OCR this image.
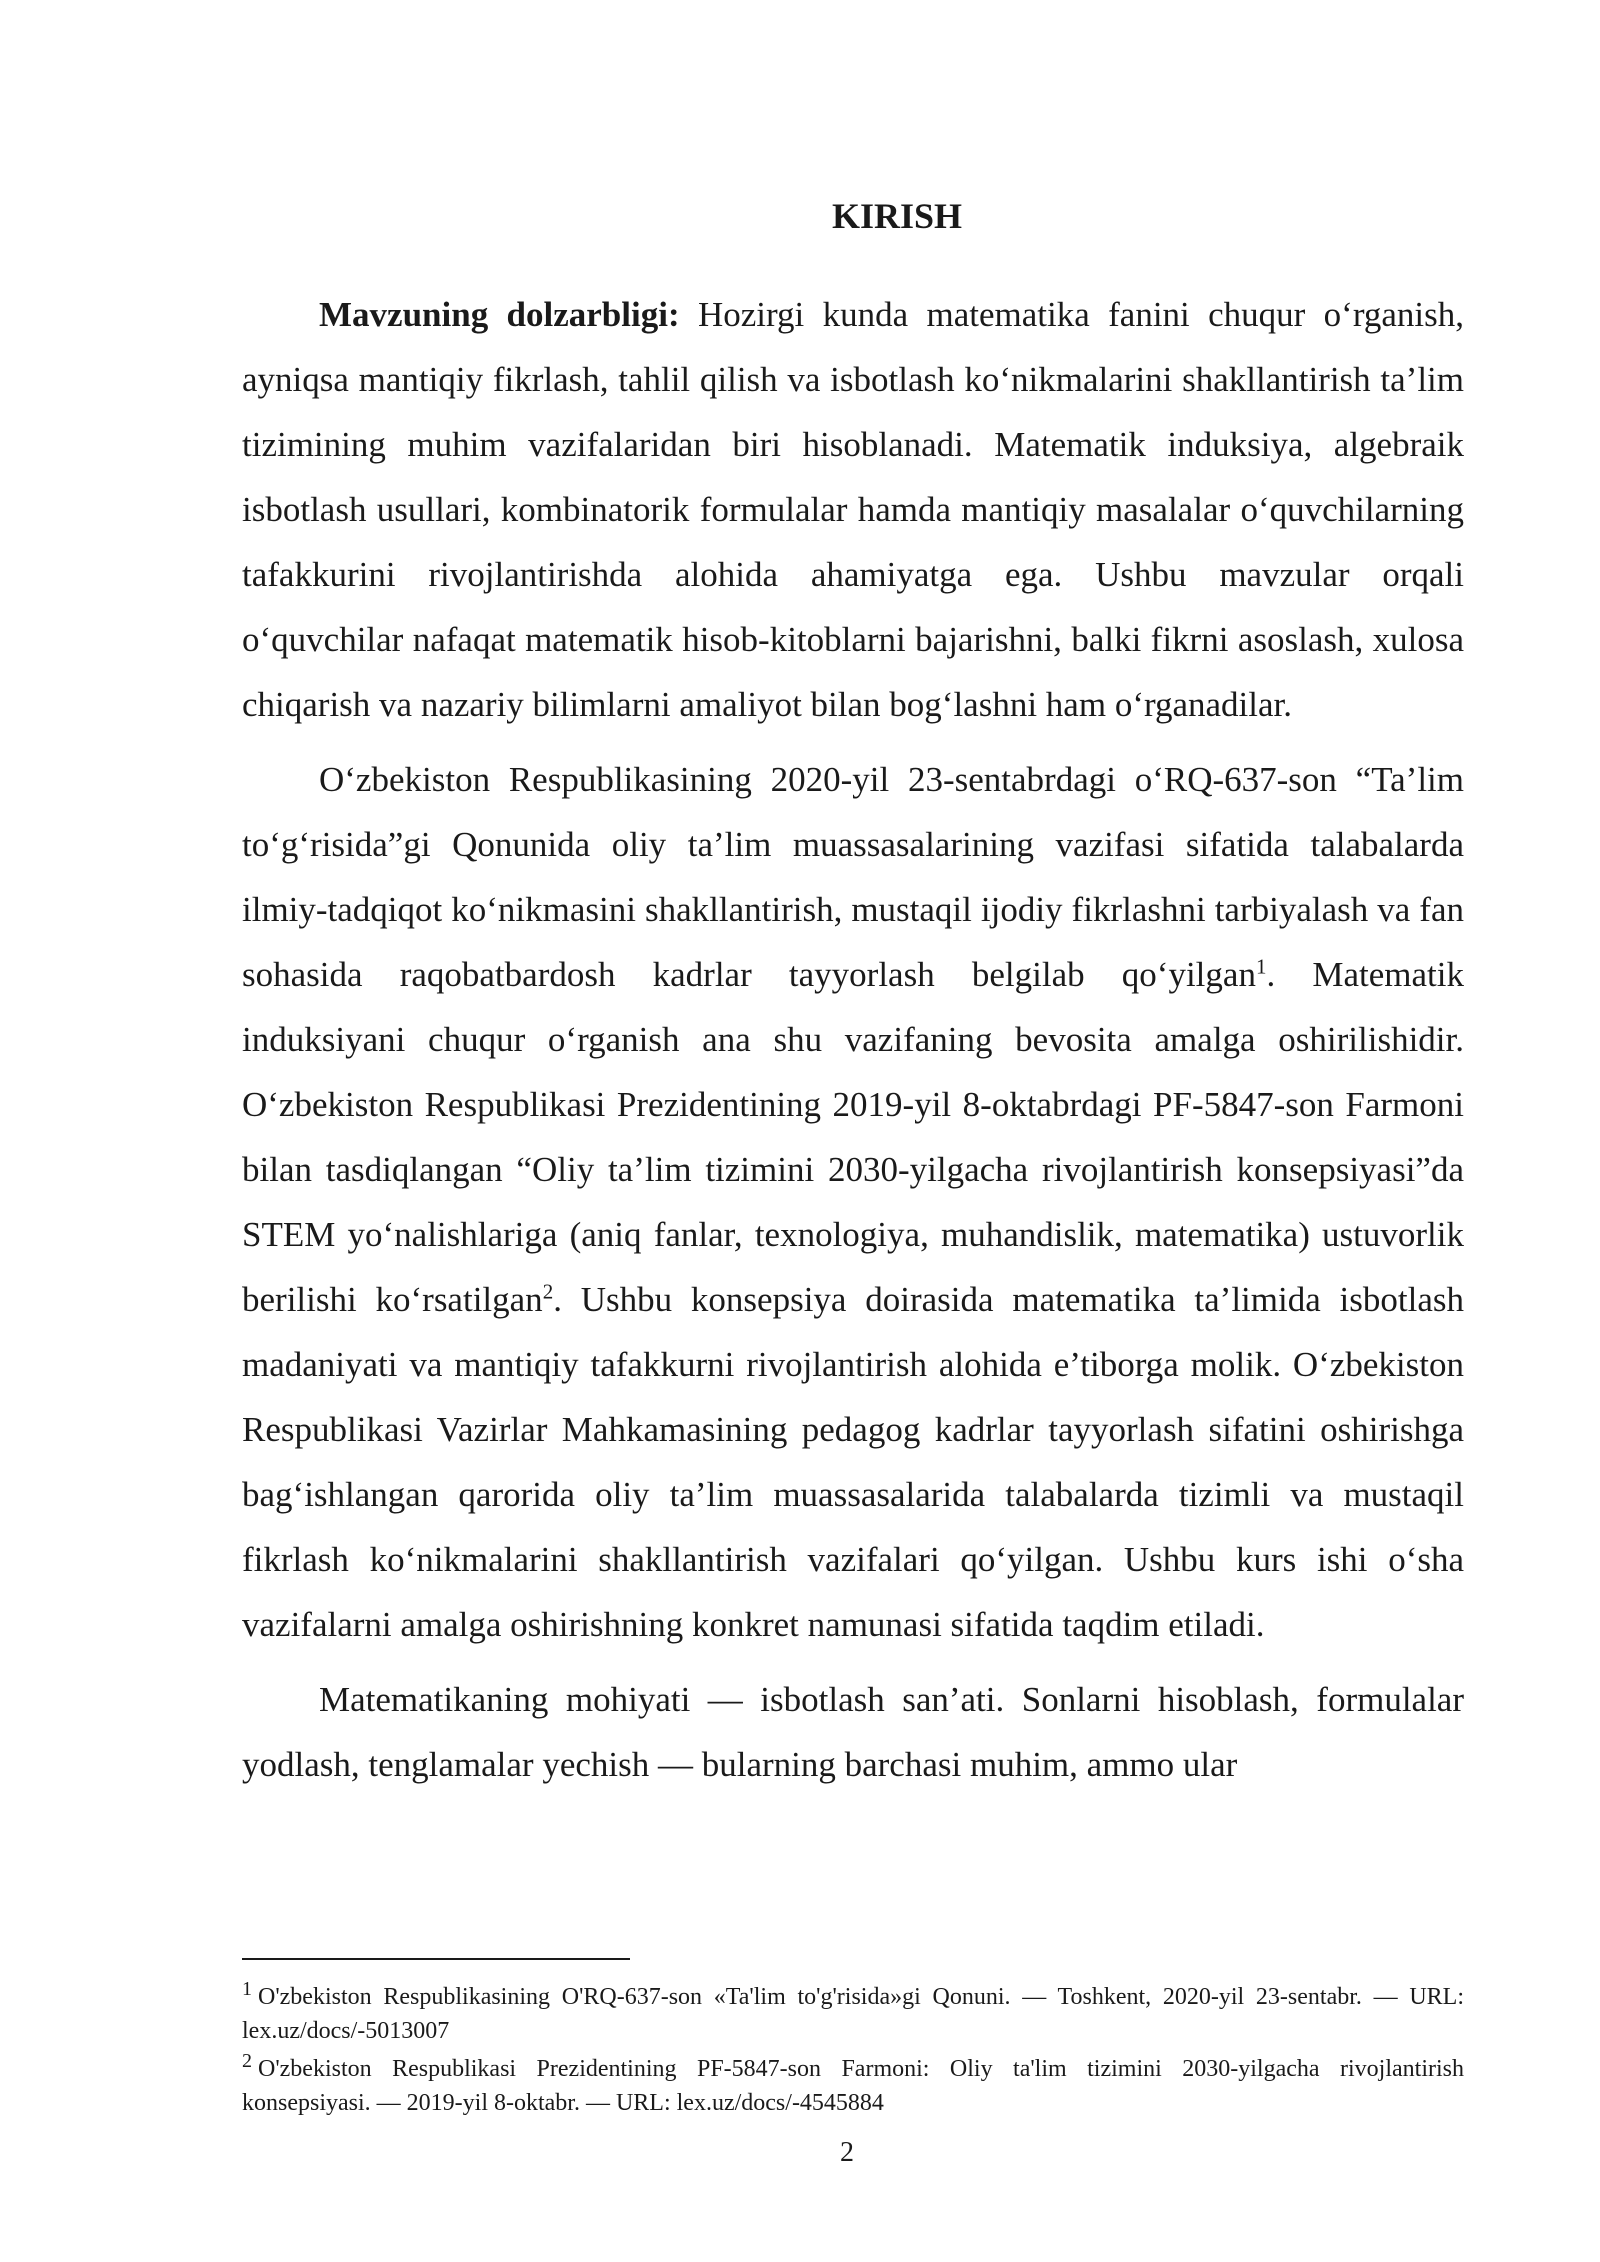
KIRISH

Mavzuning dolzarbligi: Hozirgi kunda matematika fanini chuqur o‘rganish, ayniqsa mantiqiy fikrlash, tahlil qilish va isbotlash ko‘nikmalarini shakllantirish ta’lim tizimining muhim vazifalaridan biri hisoblanadi. Matematik induksiya, algebraik isbotlash usullari, kombinatorik formulalar hamda mantiqiy masalalar o‘quvchilarning tafakkurini rivojlantirishda alohida ahamiyatga ega. Ushbu mavzular orqali o‘quvchilar nafaqat matematik hisob-kitoblarni bajarishni, balki fikrni asoslash, xulosa chiqarish va nazariy bilimlarni amaliyot bilan bog‘lashni ham o‘rganadilar.

O‘zbekiston Respublikasining 2020-yil 23-sentabrdagi o‘RQ-637-son “Ta’lim to‘g‘risida”gi Qonunida oliy ta’lim muassasalarining vazifasi sifatida talabalarda ilmiy-tadqiqot ko‘nikmasini shakllantirish, mustaqil ijodiy fikrlashni tarbiyalash va fan sohasida raqobatbardosh kadrlar tayyorlash belgilab qo‘yilgan$^1$. Matematik induksiyani chuqur o‘rganish ana shu vazifaning bevosita amalga oshirilishidir. O‘zbekiston Respublikasi Prezidentining 2019-yil 8-oktabrdagi PF-5847-son Farmoni bilan tasdiqlangan “Oliy ta’lim tizimini 2030-yilgacha rivojlantirish konsepsiyasi”da STEM yo‘nalishlariga (aniq fanlar, texnologiya, muhandislik, matematika) ustuvorlik berilishi ko‘rsatilgan$^2$. Ushbu konsepsiya doirasida matematika ta’limida isbotlash madaniyati va mantiqiy tafakkurni rivojlantirish alohida e’tiborga molik. O‘zbekiston Respublikasi Vazirlar Mahkamasining pedagog kadrlar tayyorlash sifatini oshirishga bag‘ishlangan qarorida oliy ta’lim muassasalarida talabalarda tizimli va mustaqil fikrlash ko‘nikmalarini shakllantirish vazifalari qo‘yilgan. Ushbu kurs ishi o‘sha vazifalarni amalga oshirishning konkret namunasi sifatida taqdim etiladi.

Matematikaning mohiyati — isbotlash san’ati. Sonlarni hisoblash, formulalar yodlash, tenglamalar yechish — bularning barchasi muhim, ammo ular

$^1$ O'zbekiston Respublikasining O'RQ-637-son «Ta'lim to'g'risida»gi Qonuni. — Toshkent, 2020-yil 23-sentabr. — URL: lex.uz/docs/-5013007
$^2$ O'zbekiston Respublikasi Prezidentining PF-5847-son Farmoni: Oliy ta'lim tizimini 2030-yilgacha rivojlantirish konsepsiyasi. — 2019-yil 8-oktabr. — URL: lex.uz/docs/-4545884
2
